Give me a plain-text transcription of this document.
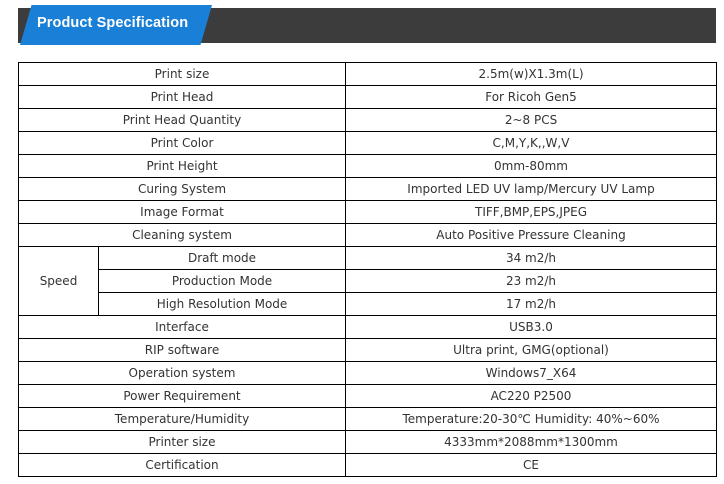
Product Specification
Print size		2.5m(w)X1.3m(L)
Print Head		For Ricoh Gen5
Print Head Quantity		2~8 PCS
Print Color		C,M,Y,K,,W,V
Print Height		0mm-80mm
Curing System		Imported LED UV lamp/Mercury UV Lamp
Image Format		TIFF,BMP,EPS,JPEG
Cleaning system		Auto Positive Pressure Cleaning
Speed	Draft mode	34 m2/h
	Production Mode	23 m2/h
	High Resolution Mode	17 m2/h
Interface		USB3.0
RIP software		Ultra print, GMG(optional)
Operation system		Windows7_X64
Power Requirement		AC220 P2500
Temperature/Humidity		Temperature:20-30℃ Humidity: 40%~60%
Printer size		4333mm*2088mm*1300mm
Certification		CE
